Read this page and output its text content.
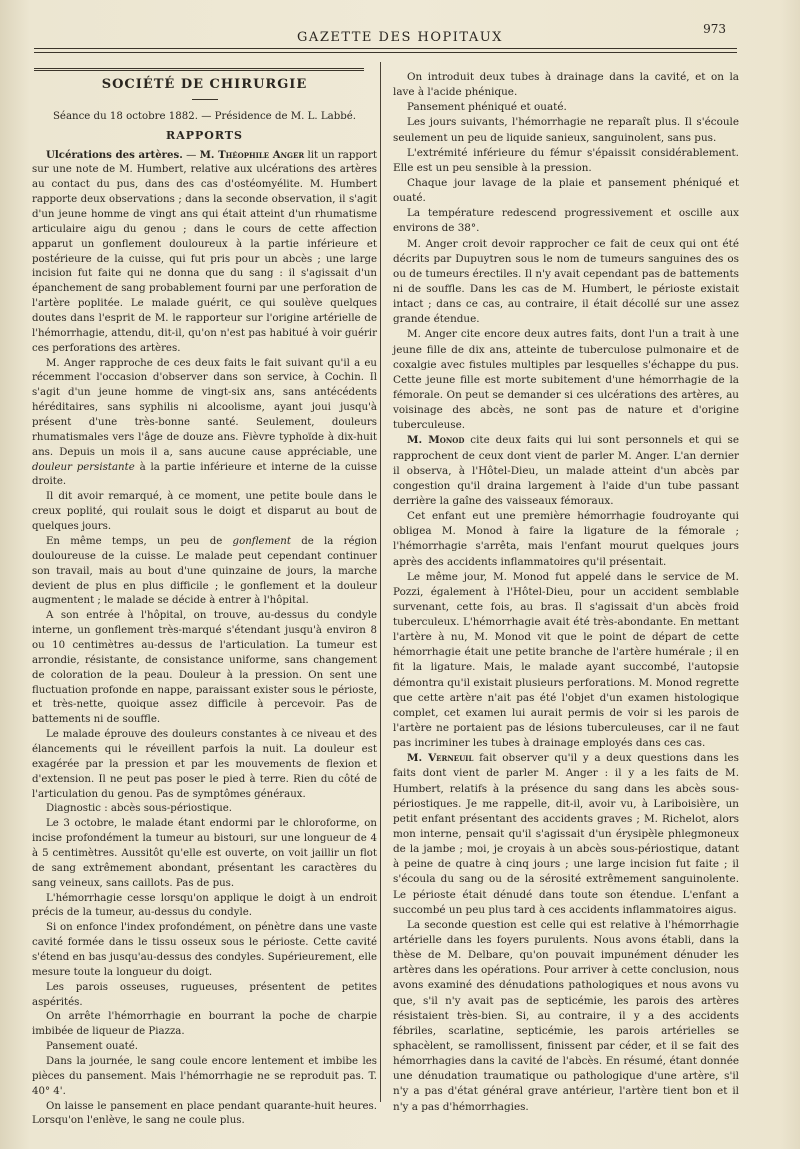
GAZETTE DES HOPITAUX
973

SOCIÉTÉ DE CHIRURGIE

Séance du 18 octobre 1882. — Présidence de M. L. Labbé.

RAPPORTS

Ulcérations des artères. — M. Théophile Anger lit un rapport sur une note de M. Humbert, relative aux ulcérations des artères au contact du pus, dans des cas d'ostéomyélite. M. Humbert rapporte deux observations ; dans la seconde observation, il s'agit d'un jeune homme de vingt ans qui était atteint d'un rhumatisme articulaire aigu du genou ; dans le cours de cette affection apparut un gonflement douloureux à la partie inférieure et postérieure de la cuisse, qui fut pris pour un abcès ; une large incision fut faite qui ne donna que du sang : il s'agissait d'un épanchement de sang probablement fourni par une perforation de l'artère poplitée. Le malade guérit, ce qui soulève quelques doutes dans l'esprit de M. le rapporteur sur l'origine artérielle de l'hémorrhagie, attendu, dit-il, qu'on n'est pas habitué à voir guérir ces perforations des artères.

M. Anger rapproche de ces deux faits le fait suivant qu'il a eu récemment l'occasion d'observer dans son service, à Cochin. Il s'agit d'un jeune homme de vingt-six ans, sans antécédents héréditaires, sans syphilis ni alcoolisme, ayant joui jusqu'à présent d'une très-bonne santé. Seulement, douleurs rhumatismales vers l'âge de douze ans. Fièvre typhoïde à dix-huit ans. Depuis un mois il a, sans aucune cause appréciable, une douleur persistante à la partie inférieure et interne de la cuisse droite.

Il dit avoir remarqué, à ce moment, une petite boule dans le creux poplité, qui roulait sous le doigt et disparut au bout de quelques jours.

En même temps, un peu de gonflement de la région douloureuse de la cuisse. Le malade peut cependant continuer son travail, mais au bout d'une quinzaine de jours, la marche devient de plus en plus difficile ; le gonflement et la douleur augmentent ; le malade se décide à entrer à l'hôpital.

A son entrée à l'hôpital, on trouve, au-dessus du condyle interne, un gonflement très-marqué s'étendant jusqu'à environ 8 ou 10 centimètres au-dessus de l'articulation. La tumeur est arrondie, résistante, de consistance uniforme, sans changement de coloration de la peau. Douleur à la pression. On sent une fluctuation profonde en nappe, paraissant exister sous le périoste, et très-nette, quoique assez difficile à percevoir. Pas de battements ni de souffle.

Le malade éprouve des douleurs constantes à ce niveau et des élancements qui le réveillent parfois la nuit. La douleur est exagérée par la pression et par les mouvements de flexion et d'extension. Il ne peut pas poser le pied à terre. Rien du côté de l'articulation du genou. Pas de symptômes généraux.

Diagnostic : abcès sous-périostique.

Le 3 octobre, le malade étant endormi par le chloroforme, on incise profondément la tumeur au bistouri, sur une longueur de 4 à 5 centimètres. Aussitôt qu'elle est ouverte, on voit jaillir un flot de sang extrêmement abondant, présentant les caractères du sang veineux, sans caillots. Pas de pus.

L'hémorrhagie cesse lorsqu'on applique le doigt à un endroit précis de la tumeur, au-dessus du condyle.

Si on enfonce l'index profondément, on pénètre dans une vaste cavité formée dans le tissu osseux sous le périoste. Cette cavité s'étend en bas jusqu'au-dessus des condyles. Supérieurement, elle mesure toute la longueur du doigt.

Les parois osseuses, rugueuses, présentent de petites aspérités.

On arrête l'hémorrhagie en bourrant la poche de charpie imbibée de liqueur de Piazza.

Pansement ouaté.

Dans la journée, le sang coule encore lentement et imbibe les pièces du pansement. Mais l'hémorrhagie ne se reproduit pas. T. 40° 4'.

On laisse le pansement en place pendant quarante-huit heures. Lorsqu'on l'enlève, le sang ne coule plus.

On introduit deux tubes à drainage dans la cavité, et on la lave à l'acide phénique.

Pansement phéniqué et ouaté.

Les jours suivants, l'hémorrhagie ne reparaît plus. Il s'écoule seulement un peu de liquide sanieux, sanguinolent, sans pus.

L'extrémité inférieure du fémur s'épaissit considérablement. Elle est un peu sensible à la pression.

Chaque jour lavage de la plaie et pansement phéniqué et ouaté.

La température redescend progressivement et oscille aux environs de 38°.

M. Anger croit devoir rapprocher ce fait de ceux qui ont été décrits par Dupuytren sous le nom de tumeurs sanguines des os ou de tumeurs érectiles. Il n'y avait cependant pas de battements ni de souffle. Dans les cas de M. Humbert, le périoste existait intact ; dans ce cas, au contraire, il était décollé sur une assez grande étendue.

M. Anger cite encore deux autres faits, dont l'un a trait à une jeune fille de dix ans, atteinte de tuberculose pulmonaire et de coxalgie avec fistules multiples par lesquelles s'échappe du pus. Cette jeune fille est morte subitement d'une hémorrhagie de la fémorale. On peut se demander si ces ulcérations des artères, au voisinage des abcès, ne sont pas de nature et d'origine tuberculeuse.

M. Monod cite deux faits qui lui sont personnels et qui se rapprochent de ceux dont vient de parler M. Anger. L'an dernier il observa, à l'Hôtel-Dieu, un malade atteint d'un abcès par congestion qu'il draina largement à l'aide d'un tube passant derrière la gaîne des vaisseaux fémoraux.

Cet enfant eut une première hémorrhagie foudroyante qui obligea M. Monod à faire la ligature de la fémorale ; l'hémorrhagie s'arrêta, mais l'enfant mourut quelques jours après des accidents inflammatoires qu'il présentait.

Le même jour, M. Monod fut appelé dans le service de M. Pozzi, également à l'Hôtel-Dieu, pour un accident semblable survenant, cette fois, au bras. Il s'agissait d'un abcès froid tuberculeux. L'hémorrhagie avait été très-abondante. En mettant l'artère à nu, M. Monod vit que le point de départ de cette hémorrhagie était une petite branche de l'artère humérale ; il en fit la ligature. Mais, le malade ayant succombé, l'autopsie démontra qu'il existait plusieurs perforations. M. Monod regrette que cette artère n'ait pas été l'objet d'un examen histologique complet, cet examen lui aurait permis de voir si les parois de l'artère ne portaient pas de lésions tuberculeuses, car il ne faut pas incriminer les tubes à drainage employés dans ces cas.

M. Verneuil fait observer qu'il y a deux questions dans les faits dont vient de parler M. Anger : il y a les faits de M. Humbert, relatifs à la présence du sang dans les abcès sous-périostiques. Je me rappelle, dit-il, avoir vu, à Lariboisière, un petit enfant présentant des accidents graves ; M. Richelot, alors mon interne, pensait qu'il s'agissait d'un érysipèle phlegmoneux de la jambe ; moi, je croyais à un abcès sous-périostique, datant à peine de quatre à cinq jours ; une large incision fut faite ; il s'écoula du sang ou de la sérosité extrêmement sanguinolente. Le périoste était dénudé dans toute son étendue. L'enfant a succombé un peu plus tard à ces accidents inflammatoires aigus.

La seconde question est celle qui est relative à l'hémorrhagie artérielle dans les foyers purulents. Nous avons établi, dans la thèse de M. Delbare, qu'on pouvait impunément dénuder les artères dans les opérations. Pour arriver à cette conclusion, nous avons examiné des dénudations pathologiques et nous avons vu que, s'il n'y avait pas de septicémie, les parois des artères résistaient très-bien. Si, au contraire, il y a des accidents fébriles, scarlatine, septicémie, les parois artérielles se sphacèlent, se ramollissent, finissent par céder, et il se fait des hémorrhagies dans la cavité de l'abcès. En résumé, étant donnée une dénudation traumatique ou pathologique d'une artère, s'il n'y a pas d'état général grave antérieur, l'artère tient bon et il n'y a pas d'hémorrhagies.
